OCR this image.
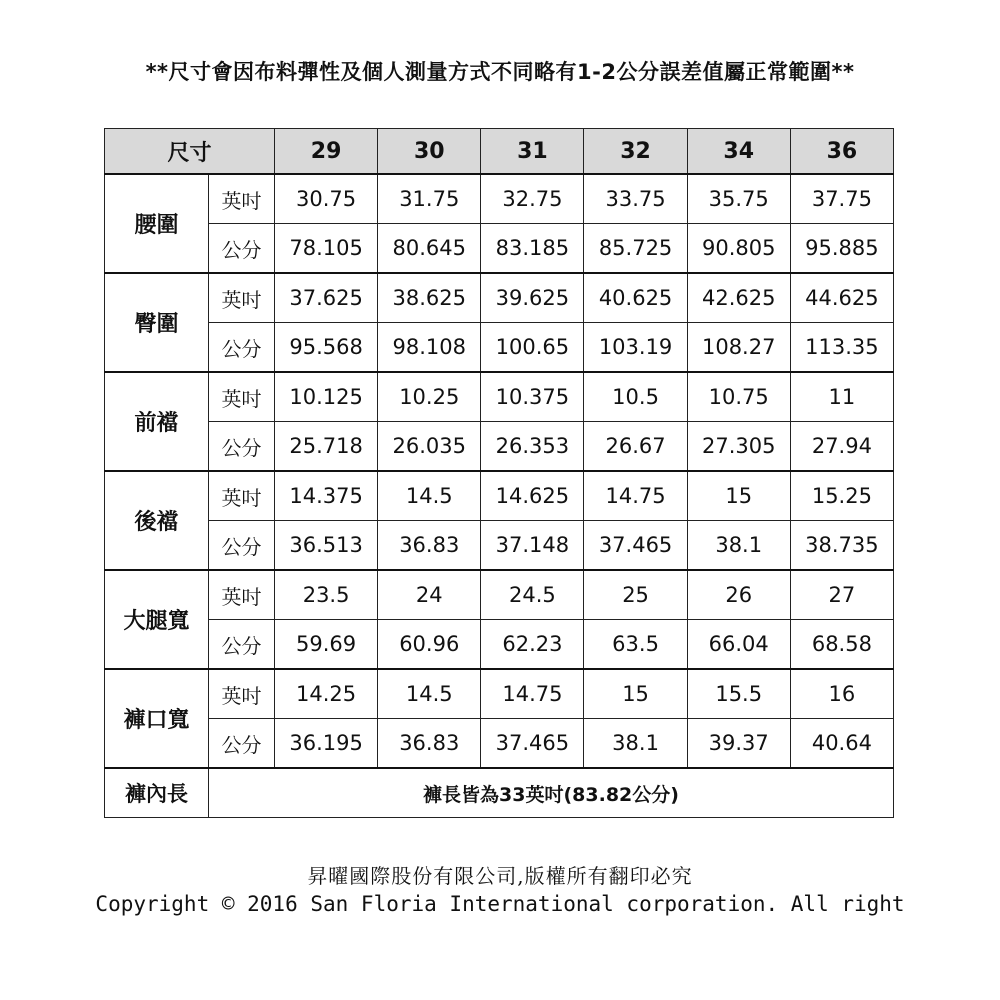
**尺寸會因布料彈性及個人測量方式不同略有1-2公分誤差值屬正常範圍**
尺寸		29	30	31	32	34	36
腰圍	英吋	30.75	31.75	32.75	33.75	35.75	37.75
	公分	78.105	80.645	83.185	85.725	90.805	95.885
臀圍	英吋	37.625	38.625	39.625	40.625	42.625	44.625
	公分	95.568	98.108	100.65	103.19	108.27	113.35
前襠	英吋	10.125	10.25	10.375	10.5	10.75	11
	公分	25.718	26.035	26.353	26.67	27.305	27.94
後襠	英吋	14.375	14.5	14.625	14.75	15	15.25
	公分	36.513	36.83	37.148	37.465	38.1	38.735
大腿寬	英吋	23.5	24	24.5	25	26	27
	公分	59.69	60.96	62.23	63.5	66.04	68.58
褲口寬	英吋	14.25	14.5	14.75	15	15.5	16
	公分	36.195	36.83	37.465	38.1	39.37	40.64
褲內長	褲長皆為33英吋(83.82公分)						
昇曜國際股份有限公司,版權所有翻印必究
Copyright © 2016 San Floria International corporation. All right
